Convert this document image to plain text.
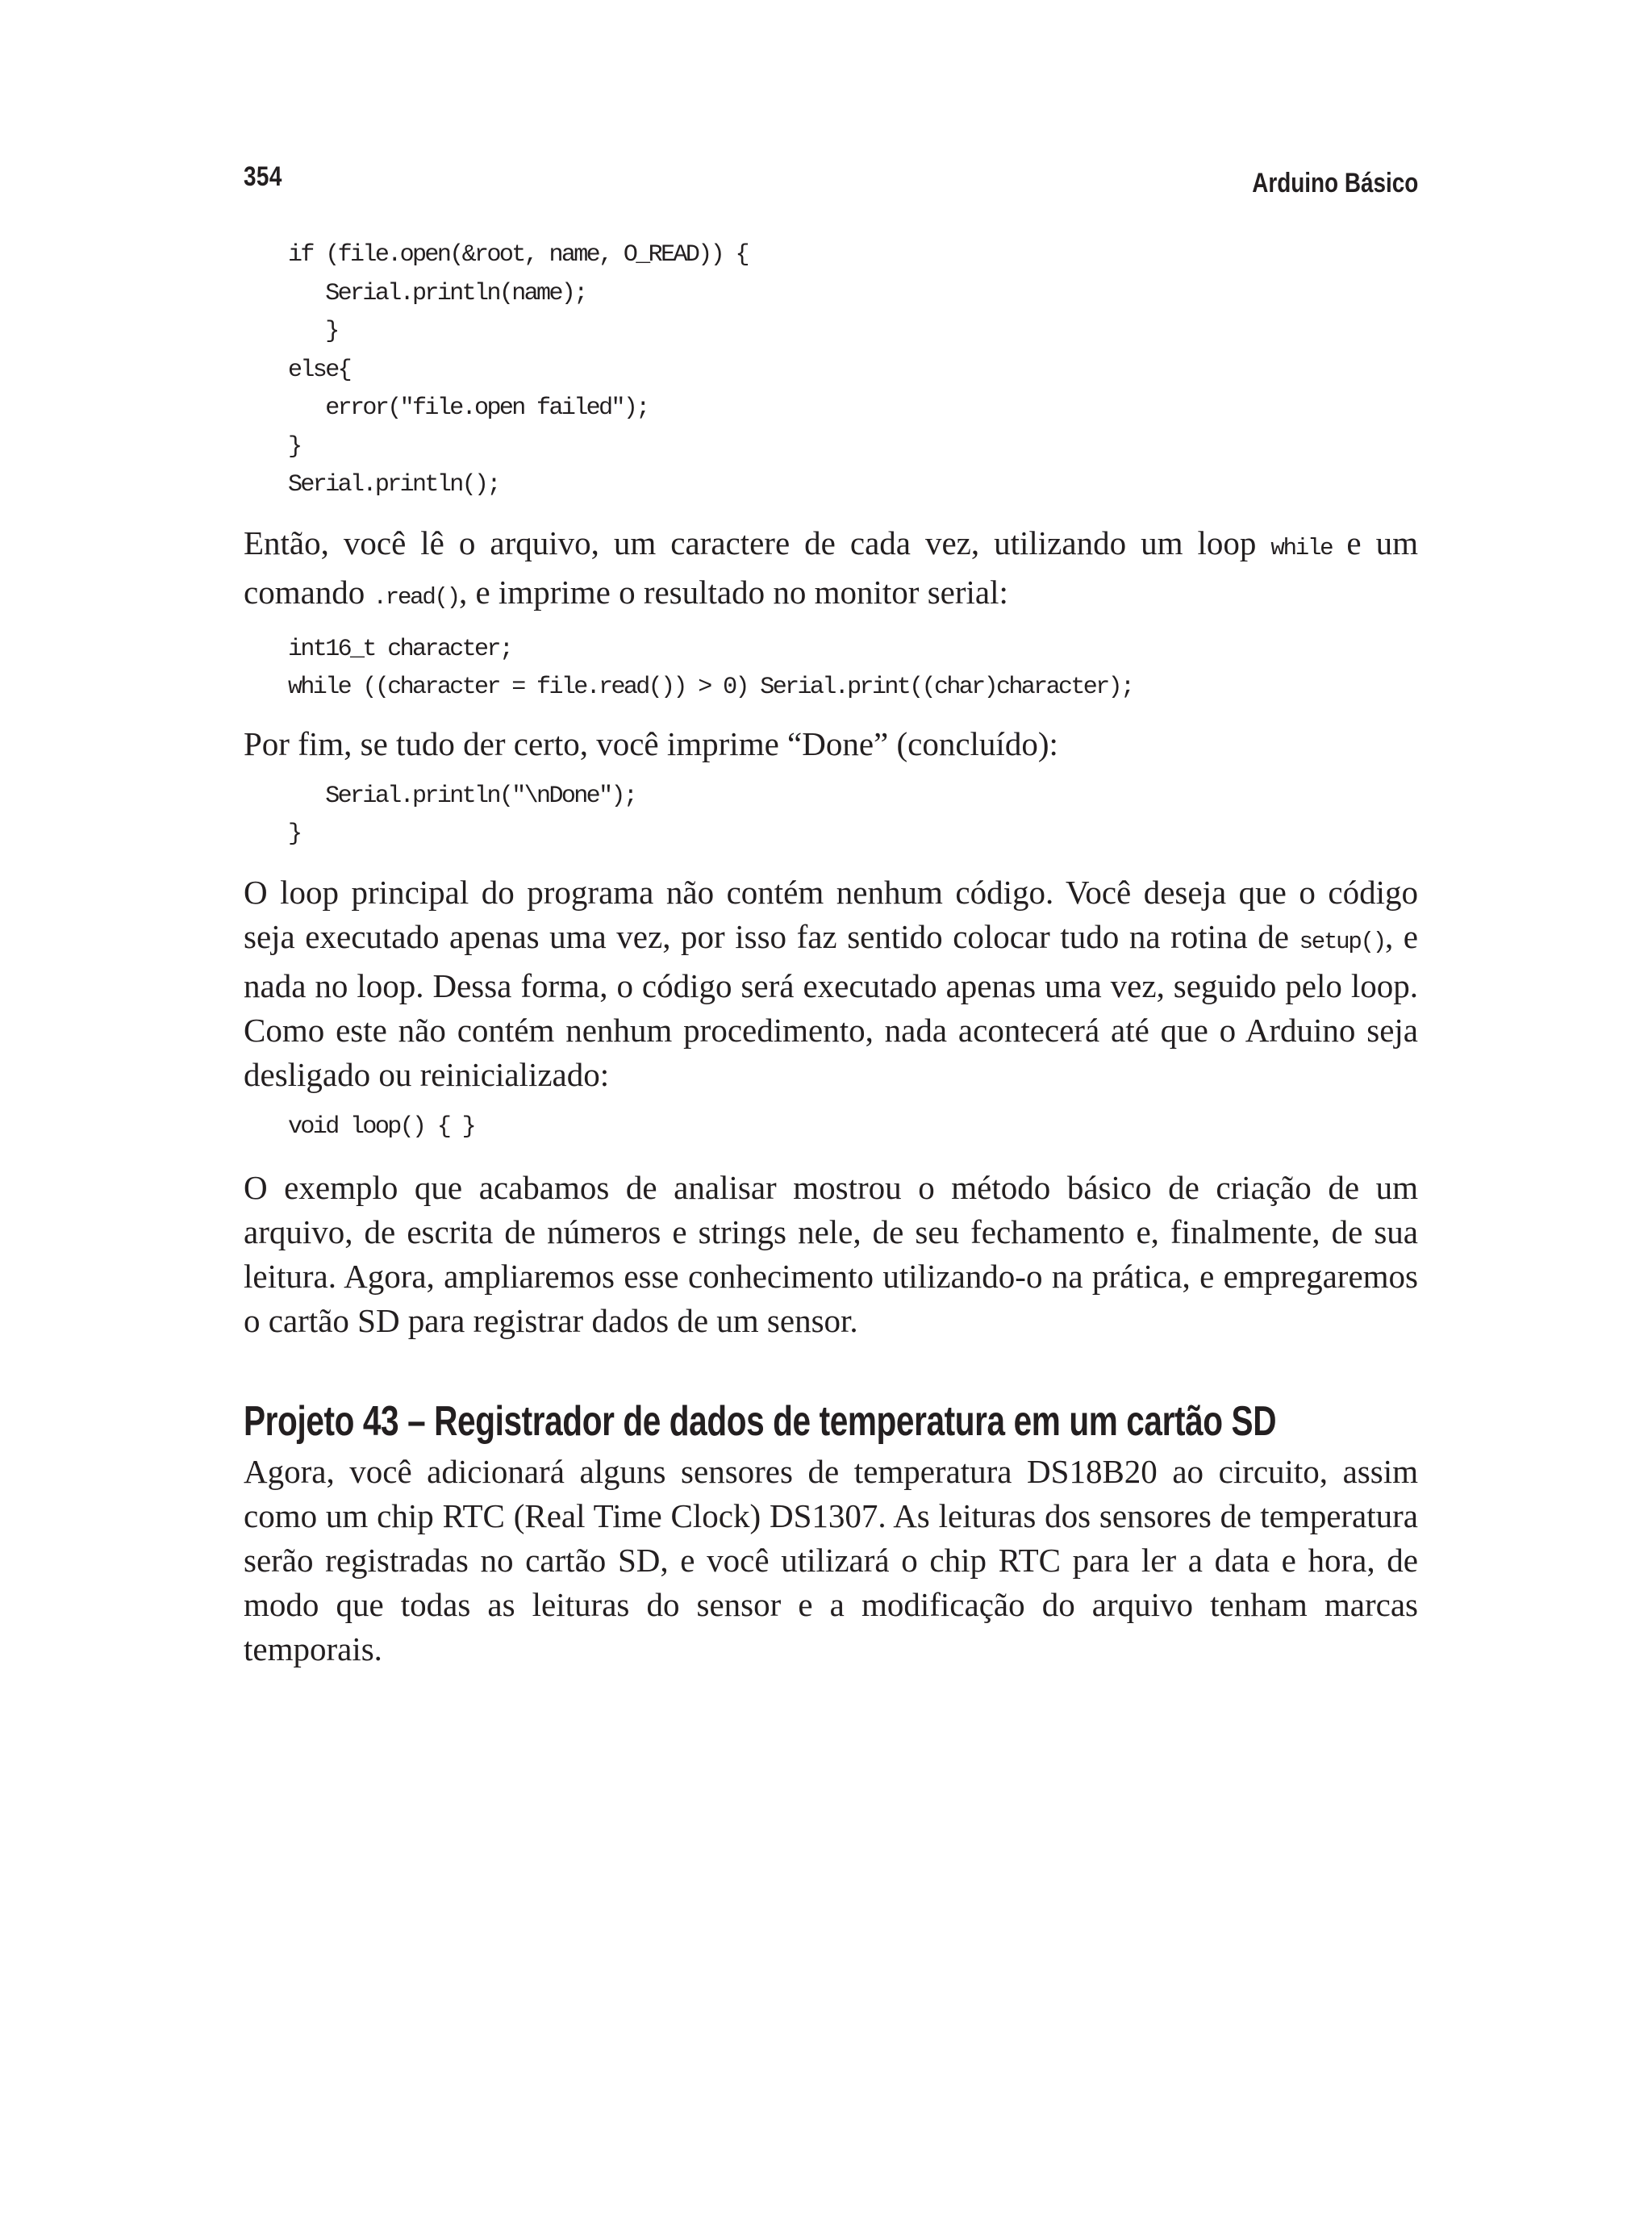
354	Arduino Básico
if (file.open(&root, name, O_READ)) {
Serial.println(name);
}
else{
error("file.open failed");
}
Serial.println();

Então, você lê o arquivo, um caractere de cada vez, utilizando um loop while e um comando .read(), e imprime o resultado no monitor serial:

int16_t character;
while ((character = file.read()) > 0) Serial.print((char)character);

Por fim, se tudo der certo, você imprime “Done” (concluído):

Serial.println("\nDone");
}

O loop principal do programa não contém nenhum código. Você deseja que o código seja executado apenas uma vez, por isso faz sentido colocar tudo na rotina de setup(), e nada no loop. Dessa forma, o código será executado apenas uma vez, seguido pelo loop. Como este não contém nenhum procedimento, nada acontecerá até que o Arduino seja desligado ou reinicializado:

void loop() { }

O exemplo que acabamos de analisar mostrou o método básico de criação de um arquivo, de escrita de números e strings nele, de seu fechamento e, finalmente, de sua leitura. Agora, ampliaremos esse conhecimento utilizando-o na prática, e empregaremos o cartão SD para registrar dados de um sensor.

Projeto 43 – Registrador de dados de temperatura em um cartão SD

Agora, você adicionará alguns sensores de temperatura DS18B20 ao circuito, assim como um chip RTC (Real Time Clock) DS1307. As leituras dos sensores de temperatura serão registradas no cartão SD, e você utilizará o chip RTC para ler a data e hora, de modo que todas as leituras do sensor e a modificação do arquivo tenham marcas temporais.
